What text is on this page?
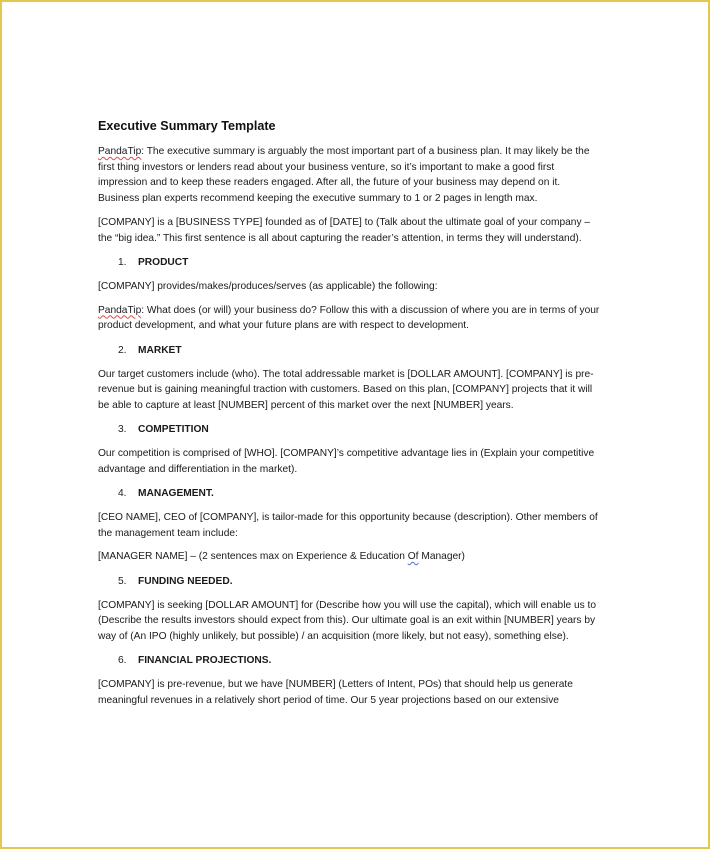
Executive Summary Template

PandaTip: The executive summary is arguably the most important part of a business plan. It may likely be the first thing investors or lenders read about your business venture, so it’s important to make a good first impression and to keep these readers engaged. After all, the future of your business may depend on it. Business plan experts recommend keeping the executive summary to 1 or 2 pages in length max.

[COMPANY] is a [BUSINESS TYPE] founded as of [DATE] to (Talk about the ultimate goal of your company – the “big idea.” This first sentence is all about capturing the reader’s attention, in terms they will understand).

1. PRODUCT

[COMPANY] provides/makes/produces/serves (as applicable) the following:

PandaTip: What does (or will) your business do? Follow this with a discussion of where you are in terms of your product development, and what your future plans are with respect to development.

2. MARKET

Our target customers include (who). The total addressable market is [DOLLAR AMOUNT]. [COMPANY] is pre-revenue but is gaining meaningful traction with customers. Based on this plan, [COMPANY] projects that it will be able to capture at least [NUMBER] percent of this market over the next [NUMBER] years.

3. COMPETITION

Our competition is comprised of [WHO]. [COMPANY]’s competitive advantage lies in (Explain your competitive advantage and differentiation in the market).

4. MANAGEMENT.

[CEO NAME], CEO of [COMPANY], is tailor-made for this opportunity because (description). Other members of the management team include:

[MANAGER NAME] – (2 sentences max on Experience & Education Of Manager)

5. FUNDING NEEDED.

[COMPANY] is seeking [DOLLAR AMOUNT] for (Describe how you will use the capital), which will enable us to (Describe the results investors should expect from this). Our ultimate goal is an exit within [NUMBER] years by way of (An IPO (highly unlikely, but possible) / an acquisition (more likely, but not easy), something else).

6. FINANCIAL PROJECTIONS.

[COMPANY] is pre-revenue, but we have [NUMBER] (Letters of Intent, POs) that should help us generate meaningful revenues in a relatively short period of time. Our 5 year projections based on our extensive
